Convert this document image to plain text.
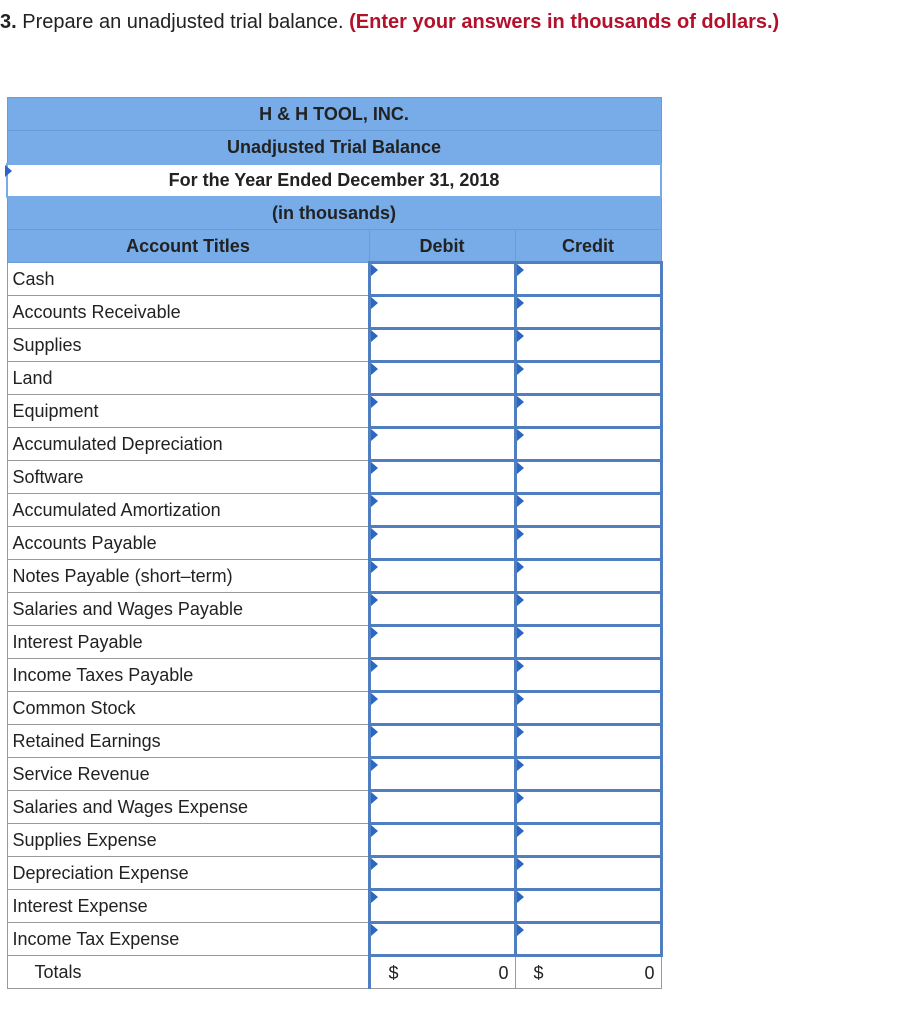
3. Prepare an unadjusted trial balance. (Enter your answers in thousands of dollars.)
H & H TOOL, INC.		
Unadjusted Trial Balance		

For the Year Ended December 31, 2018		
(in thousands)		
Account Titles	Debit	Credit
Cash	

Accounts Receivable	

Supplies	

Land	

Equipment	

Accumulated Depreciation	

Software	

Accumulated Amortization	

Accounts Payable	

Notes Payable (short–term)	

Salaries and Wages Payable	

Interest Payable	

Income Taxes Payable	

Common Stock	

Retained Earnings	

Service Revenue	

Salaries and Wages Expense	

Supplies Expense	

Depreciation Expense	

Interest Expense	

Income Tax Expense	

Totals	$ 0	$ 0
